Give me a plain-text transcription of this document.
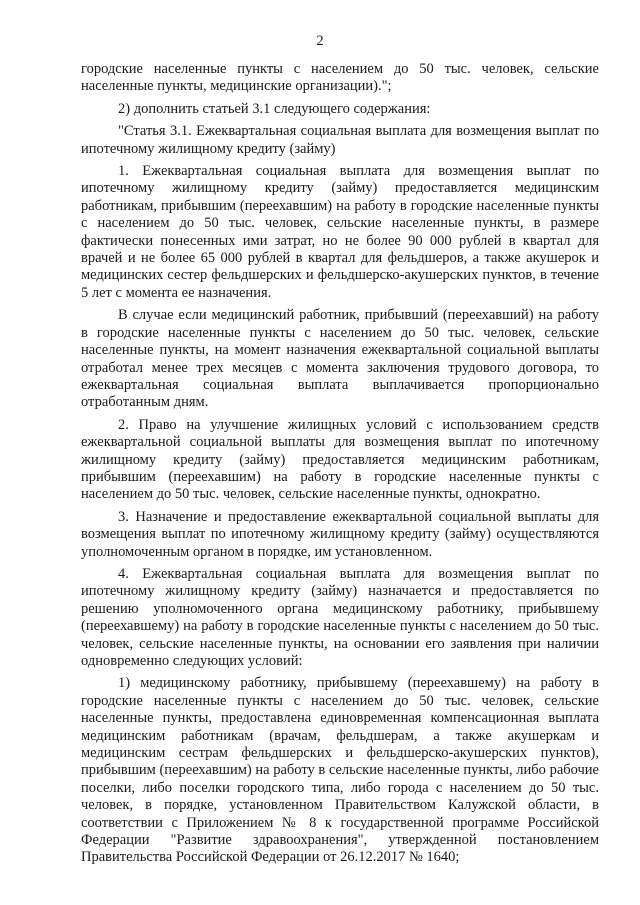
2

городские населенные пункты с населением до 50 тыс. человек, сельские населенные пункты, медицинские организации).";

2) дополнить статьей 3.1 следующего содержания:

"Статья 3.1. Ежеквартальная социальная выплата для возмещения выплат по ипотечному жилищному кредиту (займу)

1. Ежеквартальная социальная выплата для возмещения выплат по ипотечному жилищному кредиту (займу) предоставляется медицинским работникам, прибывшим (переехавшим) на работу в городские населенные пункты с населением до 50 тыс. человек, сельские населенные пункты, в размере фактически понесенных ими затрат, но не более 90 000 рублей в квартал для врачей и не более 65 000 рублей в квартал для фельдшеров, а также акушерок и медицинских сестер фельдшерских и фельдшерско-акушерских пунктов, в течение 5 лет с момента ее назначения.

В случае если медицинский работник, прибывший (переехавший) на работу в городские населенные пункты с населением до 50 тыс. человек, сельские населенные пункты, на момент назначения ежеквартальной социальной выплаты отработал менее трех месяцев с момента заключения трудового договора, то ежеквартальная социальная выплата выплачивается пропорционально отработанным дням.

2. Право на улучшение жилищных условий с использованием средств ежеквартальной социальной выплаты для возмещения выплат по ипотечному жилищному кредиту (займу) предоставляется медицинским работникам, прибывшим (переехавшим) на работу в городские населенные пункты с населением до 50 тыс. человек, сельские населенные пункты, однократно.

3. Назначение и предоставление ежеквартальной социальной выплаты для возмещения выплат по ипотечному жилищному кредиту (займу) осуществляются уполномоченным органом в порядке, им установленном.

4. Ежеквартальная социальная выплата для возмещения выплат по ипотечному жилищному кредиту (займу) назначается и предоставляется по решению уполномоченного органа медицинскому работнику, прибывшему (переехавшему) на работу в городские населенные пункты с населением до 50 тыс. человек, сельские населенные пункты, на основании его заявления при наличии одновременно следующих условий:

1) медицинскому работнику, прибывшему (переехавшему) на работу в городские населенные пункты с населением до 50 тыс. человек, сельские населенные пункты, предоставлена единовременная компенсационная выплата медицинским работникам (врачам, фельдшерам, а также акушеркам и медицинским сестрам фельдшерских и фельдшерско-акушерских пунктов), прибывшим (переехавшим) на работу в сельские населенные пункты, либо рабочие поселки, либо поселки городского типа, либо города с населением до 50 тыс. человек, в порядке, установленном Правительством Калужской области, в соответствии с Приложением № 8 к государственной программе Российской Федерации "Развитие здравоохранения", утвержденной постановлением Правительства Российской Федерации от 26.12.2017 № 1640;
